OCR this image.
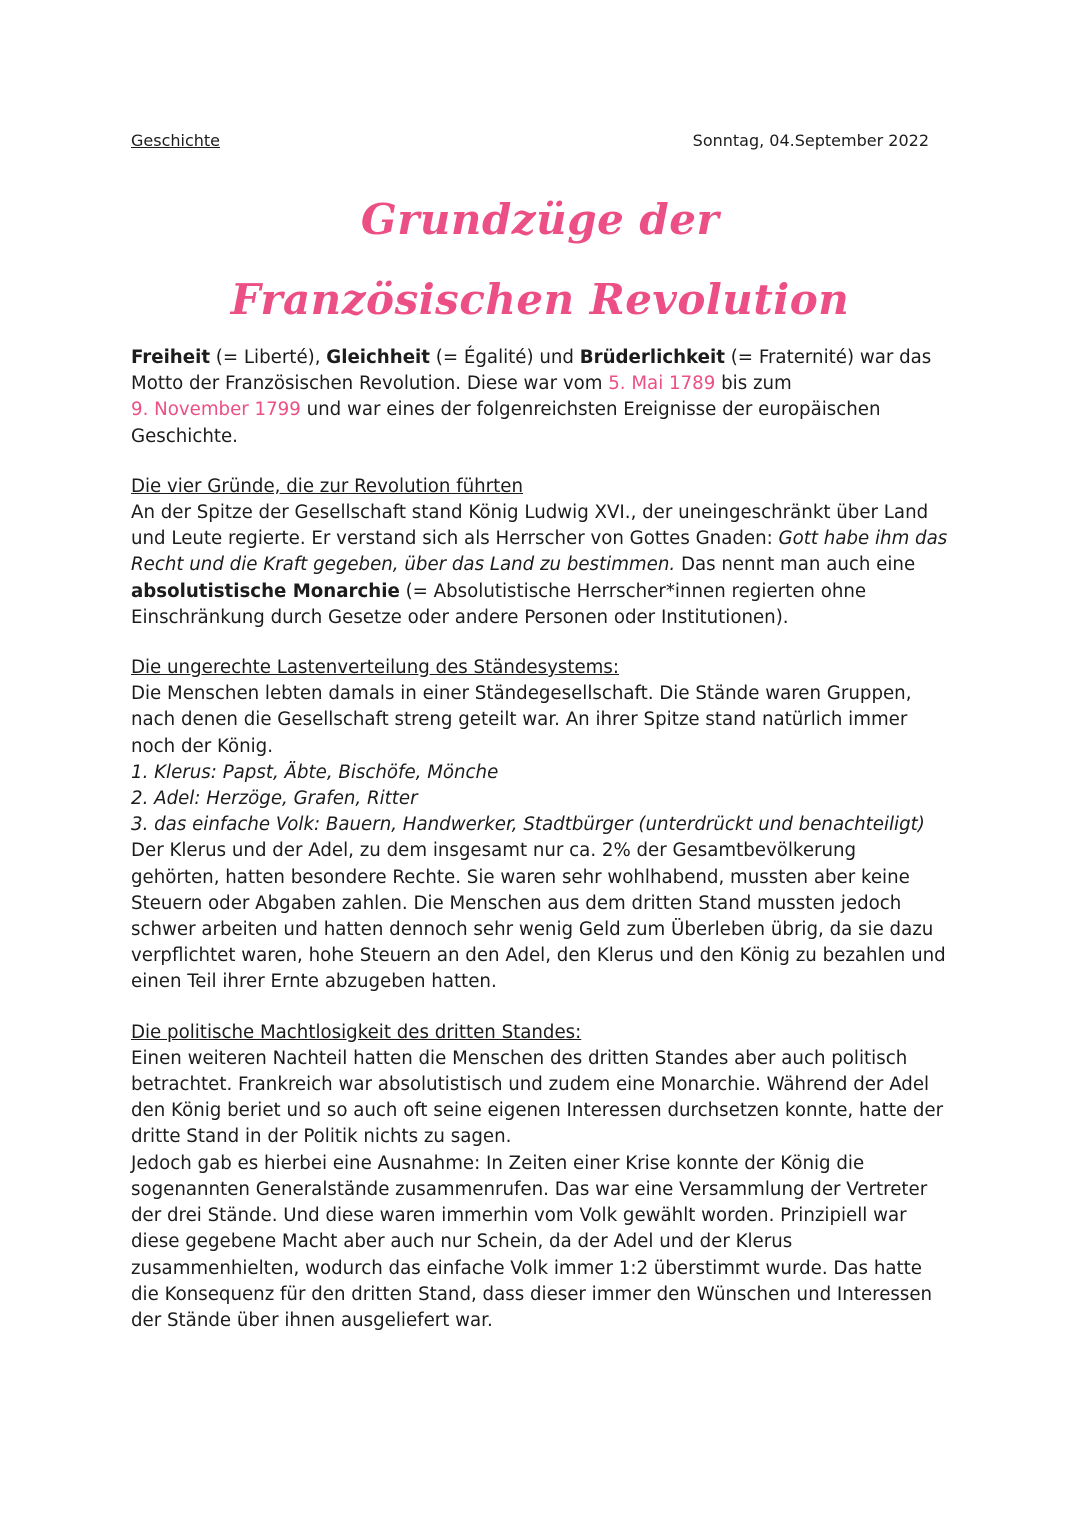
Geschichte	Sonntag, 04.September 2022
Grundzüge der
Französischen Revolution

Freiheit (= Liberté), Gleichheit (= Égalité) und Brüderlichkeit (= Fraternité) war das Motto der Französischen Revolution. Diese war vom 5. Mai 1789 bis zum
9. November 1799 und war eines der folgenreichsten Ereignisse der europäischen Geschichte.

Die vier Gründe, die zur Revolution führten
An der Spitze der Gesellschaft stand König Ludwig XVI., der uneingeschränkt über Land und Leute regierte. Er verstand sich als Herrscher von Gottes Gnaden: Gott habe ihm das Recht und die Kraft gegeben, über das Land zu bestimmen. Das nennt man auch eine absolutistische Monarchie (= Absolutistische Herrscher*innen regierten ohne Einschränkung durch Gesetze oder andere Personen oder Institutionen).

Die ungerechte Lastenverteilung des Ständesystems:
Die Menschen lebten damals in einer Ständegesellschaft. Die Stände waren Gruppen, nach denen die Gesellschaft streng geteilt war. An ihrer Spitze stand natürlich immer noch der König.
1. Klerus: Papst, Äbte, Bischöfe, Mönche
2. Adel: Herzöge, Grafen, Ritter
3. das einfache Volk: Bauern, Handwerker, Stadtbürger (unterdrückt und benachteiligt) Der Klerus und der Adel, zu dem insgesamt nur ca. 2% der Gesamtbevölkerung gehörten, hatten besondere Rechte. Sie waren sehr wohlhabend, mussten aber keine Steuern oder Abgaben zahlen. Die Menschen aus dem dritten Stand mussten jedoch schwer arbeiten und hatten dennoch sehr wenig Geld zum Überleben übrig, da sie dazu verpflichtet waren, hohe Steuern an den Adel, den Klerus und den König zu bezahlen und einen Teil ihrer Ernte abzugeben hatten.

Die politische Machtlosigkeit des dritten Standes:
Einen weiteren Nachteil hatten die Menschen des dritten Standes aber auch politisch betrachtet. Frankreich war absolutistisch und zudem eine Monarchie. Während der Adel den König beriet und so auch oft seine eigenen Interessen durchsetzen konnte, hatte der dritte Stand in der Politik nichts zu sagen.
Jedoch gab es hierbei eine Ausnahme: In Zeiten einer Krise konnte der König die sogenannten Generalstände zusammenrufen. Das war eine Versammlung der Vertreter der drei Stände. Und diese waren immerhin vom Volk gewählt worden. Prinzipiell war diese gegebene Macht aber auch nur Schein, da der Adel und der Klerus zusammenhielten, wodurch das einfache Volk immer 1:2 überstimmt wurde. Das hatte die Konsequenz für den dritten Stand, dass dieser immer den Wünschen und Interessen der Stände über ihnen ausgeliefert war.
